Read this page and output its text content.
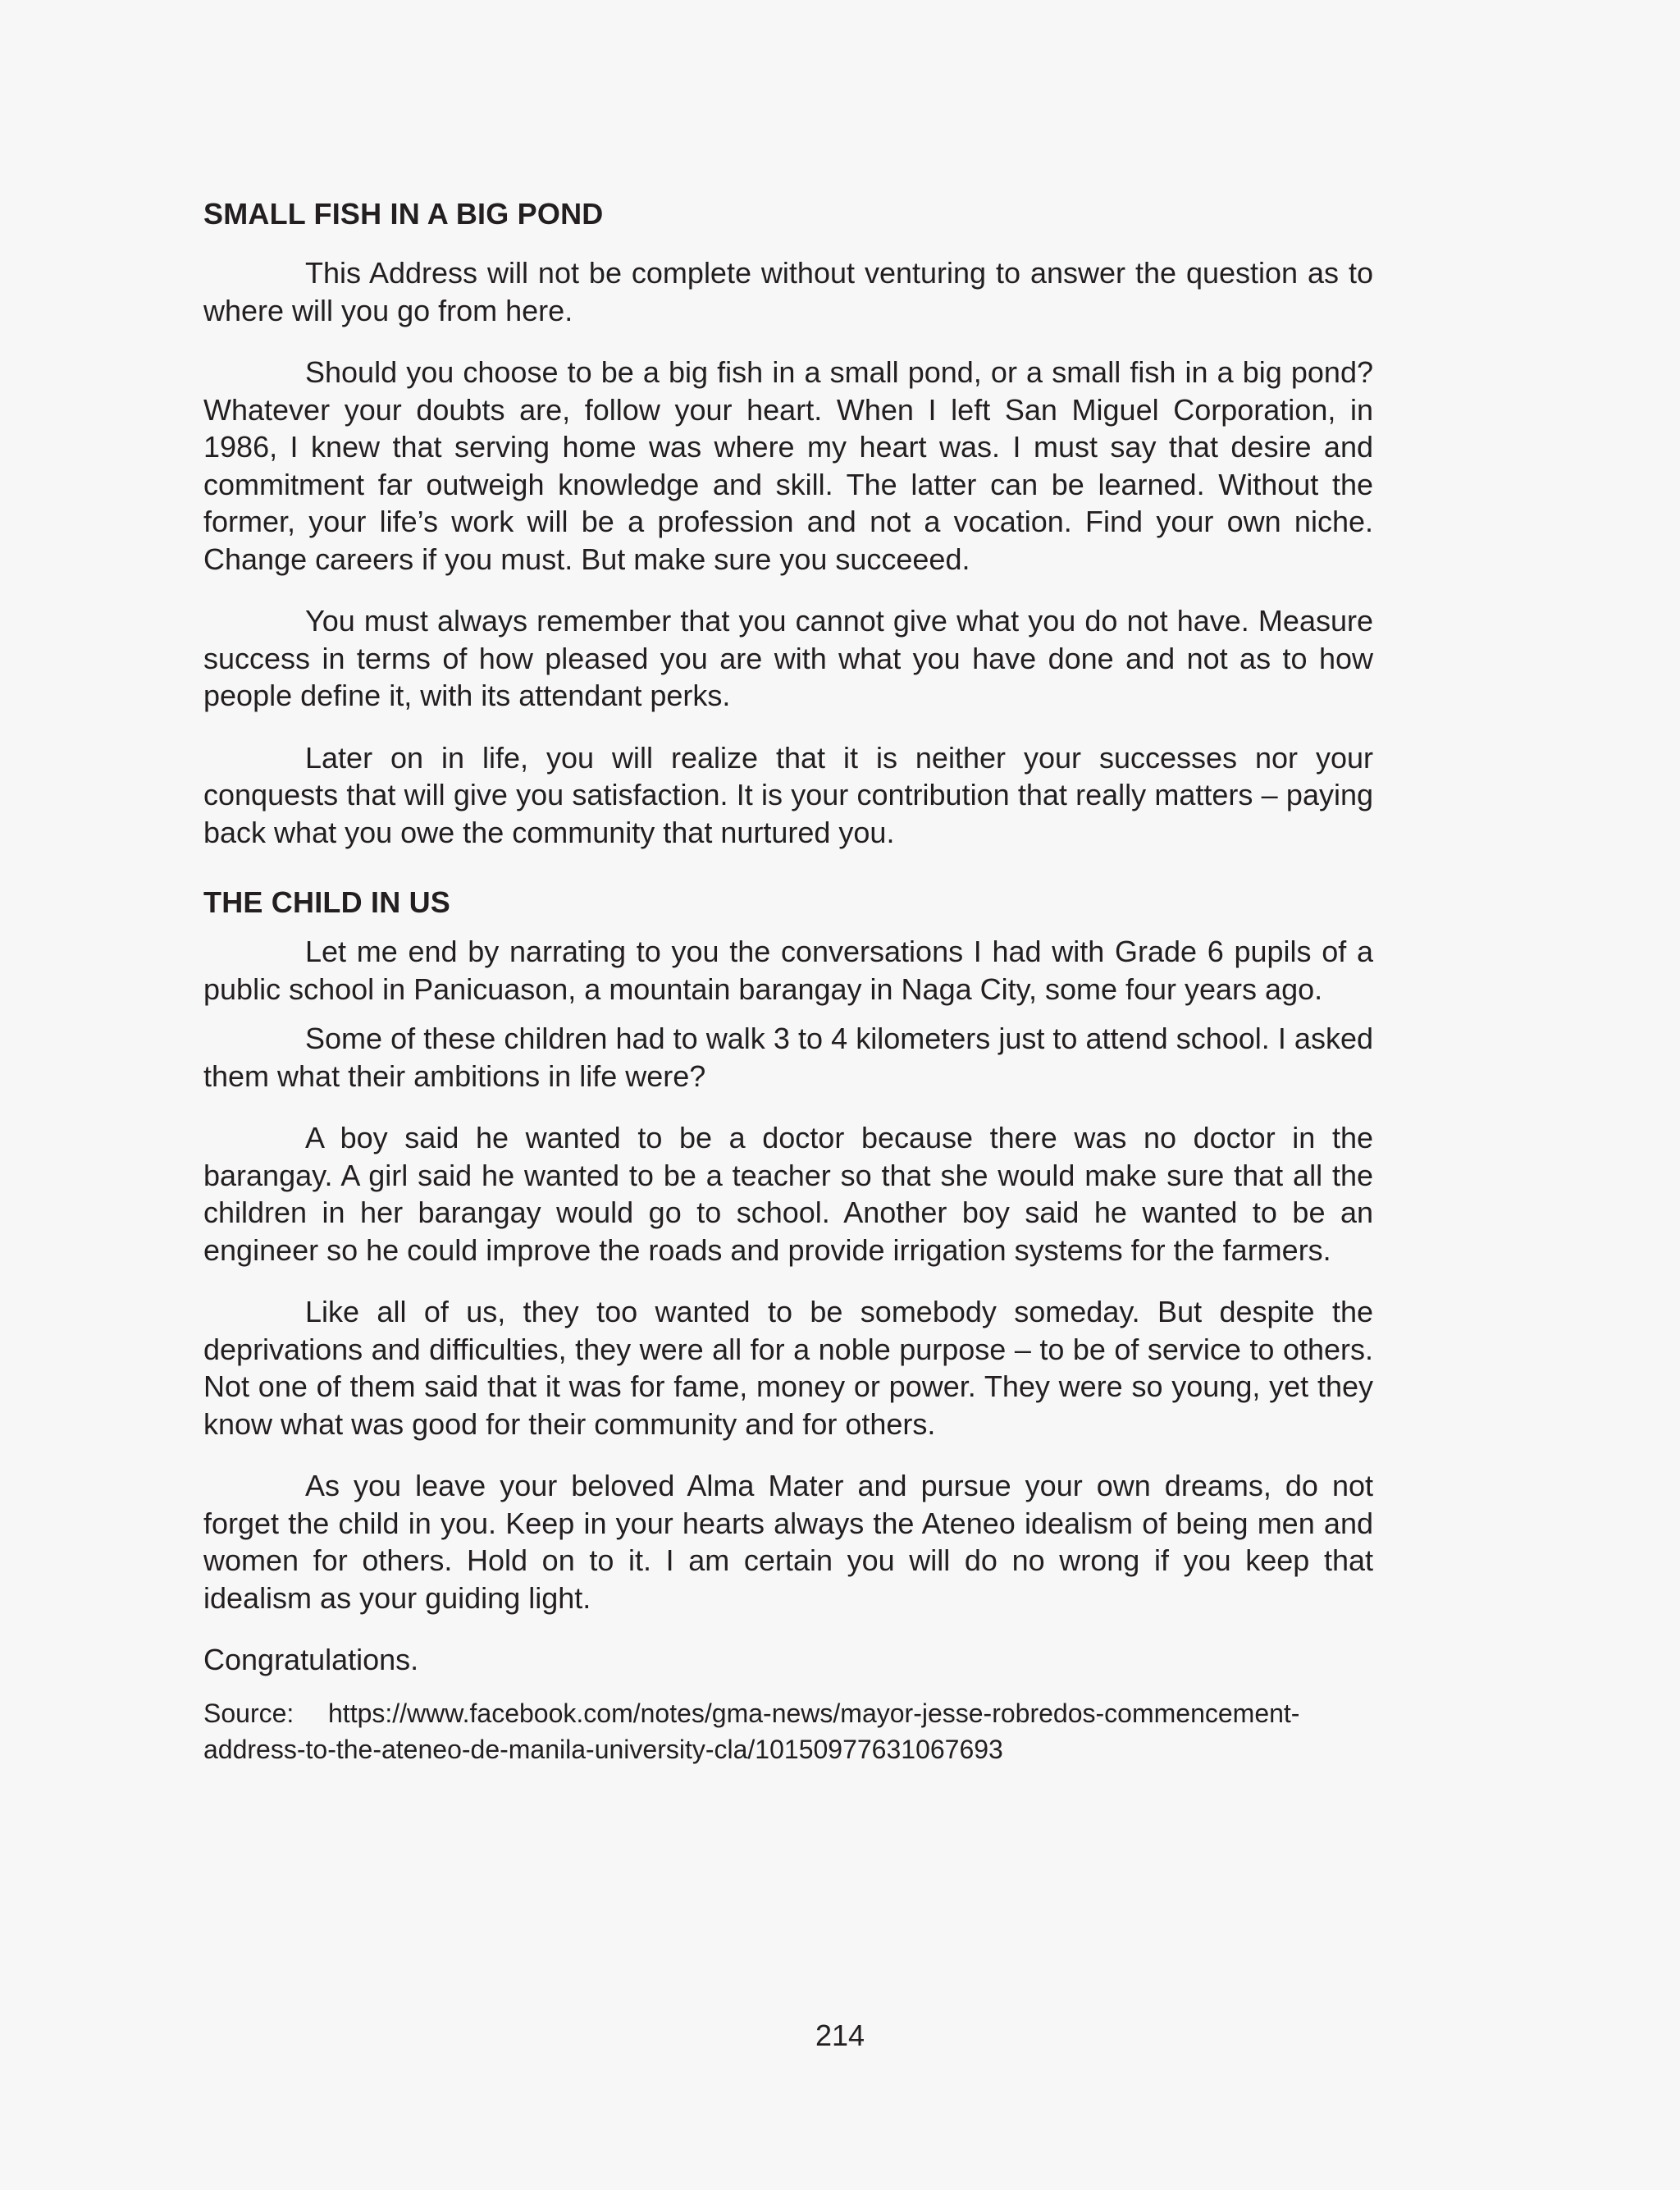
SMALL FISH IN A BIG POND

This Address will not be complete without venturing to answer the question as to where will you go from here.

Should you choose to be a big fish in a small pond, or a small fish in a big pond? Whatever your doubts are, follow your heart. When I left San Miguel Corporation, in 1986, I knew that serving home was where my heart was. I must say that desire and commitment far outweigh knowledge and skill. The latter can be learned. Without the former, your life’s work will be a profession and not a vocation. Find your own niche. Change careers if you must. But make sure you succeeed.

You must always remember that you cannot give what you do not have. Measure success in terms of how pleased you are with what you have done and not as to how people define it, with its attendant perks.

Later on in life, you will realize that it is neither your successes nor your conquests that will give you satisfaction. It is your contribution that really matters – paying back what you owe the community that nurtured you.

THE CHILD IN US

Let me end by narrating to you the conversations I had with Grade 6 pupils of a public school in Panicuason, a mountain barangay in Naga City, some four years ago.

Some of these children had to walk 3 to 4 kilometers just to attend school. I asked them what their ambitions in life were?

A boy said he wanted to be a doctor because there was no doctor in the barangay. A girl said he wanted to be a teacher so that she would make sure that all the children in her barangay would go to school. Another boy said he wanted to be an engineer so he could improve the roads and provide irrigation systems for the farmers.

Like all of us, they too wanted to be somebody someday. But despite the deprivations and difficulties, they were all for a noble purpose – to be of service to others. Not one of them said that it was for fame, money or power. They were so young, yet they know what was good for their community and for others.

As you leave your beloved Alma Mater and pursue your own dreams, do not forget the child in you. Keep in your hearts always the Ateneo idealism of being men and women for others. Hold on to it. I am certain you will do no wrong if you keep that idealism as your guiding light.

Congratulations.

Source: https://www.facebook.com/notes/gma-news/mayor-jesse-robredos-commencement-address-to-the-ateneo-de-manila-university-cla/10150977631067693

214
